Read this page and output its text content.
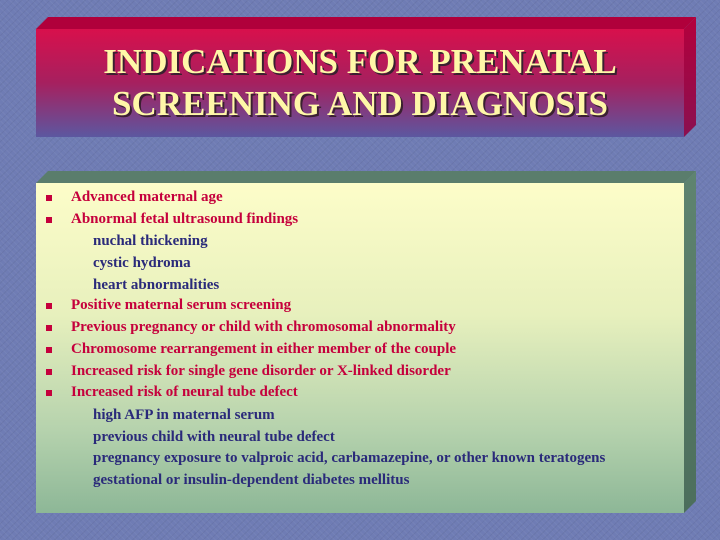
INDICATIONS FOR PRENATAL
SCREENING AND DIAGNOSIS
Advanced maternal age
Abnormal fetal ultrasound findings
nuchal thickening
cystic hydroma
heart abnormalities
Positive maternal serum screening
Previous pregnancy or child with chromosomal abnormality
Chromosome rearrangement in either member of the couple
Increased risk for single gene disorder or X-linked disorder
Increased risk of neural tube defect
high AFP in maternal serum
previous child with neural tube defect
pregnancy exposure to valproic acid, carbamazepine, or other known teratogens
gestational or insulin-dependent diabetes mellitus
